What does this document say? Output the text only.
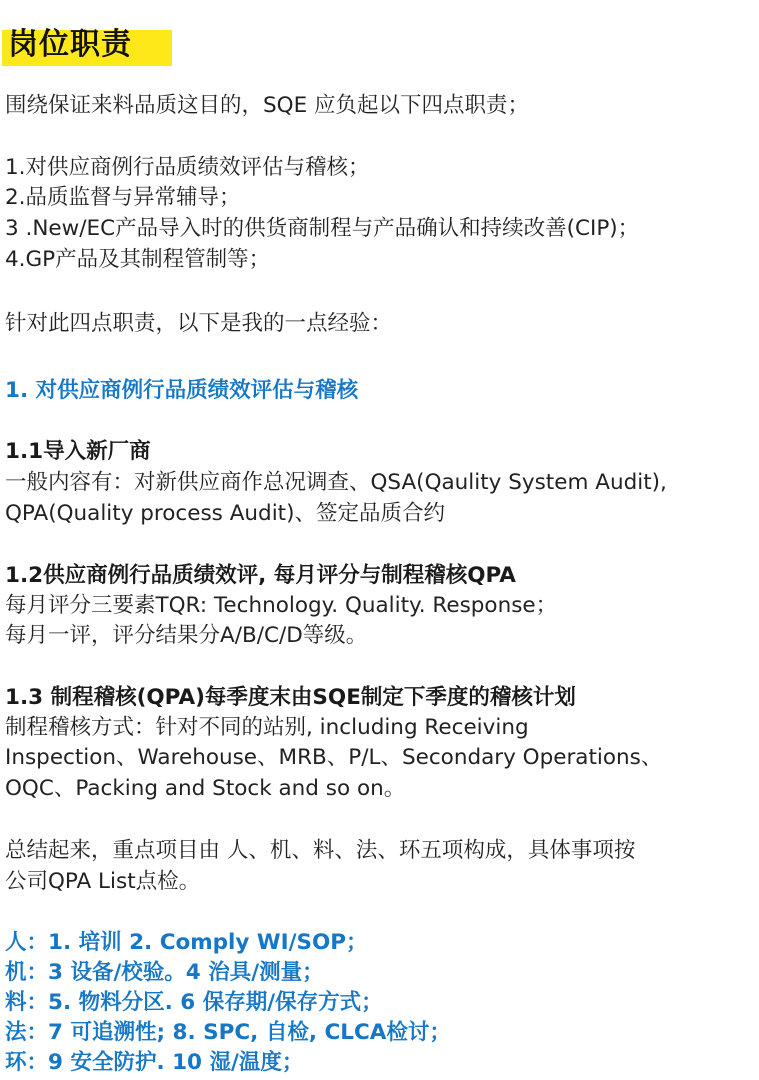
岗位职责
围绕保证来料品质这目的，SQE 应负起以下四点职责；
1.对供应商例行品质绩效评估与稽核；
2.品质监督与异常辅导；
3 .New/EC产品导入时的供货商制程与产品确认和持续改善(CIP)；
4.GP产品及其制程管制等；
针对此四点职责，以下是我的一点经验：
1. 对供应商例行品质绩效评估与稽核
1.1导入新厂商
一般内容有：对新供应商作总况调查、QSA(Qaulity System Audit),
QPA(Quality process Audit)、签定品质合约
1.2供应商例行品质绩效评, 每月评分与制程稽核QPA
每月评分三要素TQR: Technology. Quality. Response；
每月一评，评分结果分A/B/C/D等级。
1.3 制程稽核(QPA)每季度末由SQE制定下季度的稽核计划
制程稽核方式：针对不同的站别, including Receiving
Inspection、Warehouse、MRB、P/L、Secondary Operations、
OQC、Packing and Stock and so on。
总结起来，重点项目由 人、机、料、法、环五项构成，具体事项按
公司QPA List点检。
人：1. 培训 2. Comply WI/SOP；
机：3 设备/校验。4 治具/测量；
料：5. 物料分区. 6 保存期/保存方式；
法：7 可追溯性; 8. SPC, 自检, CLCA检讨；
环：9 安全防护. 10 湿/温度；
